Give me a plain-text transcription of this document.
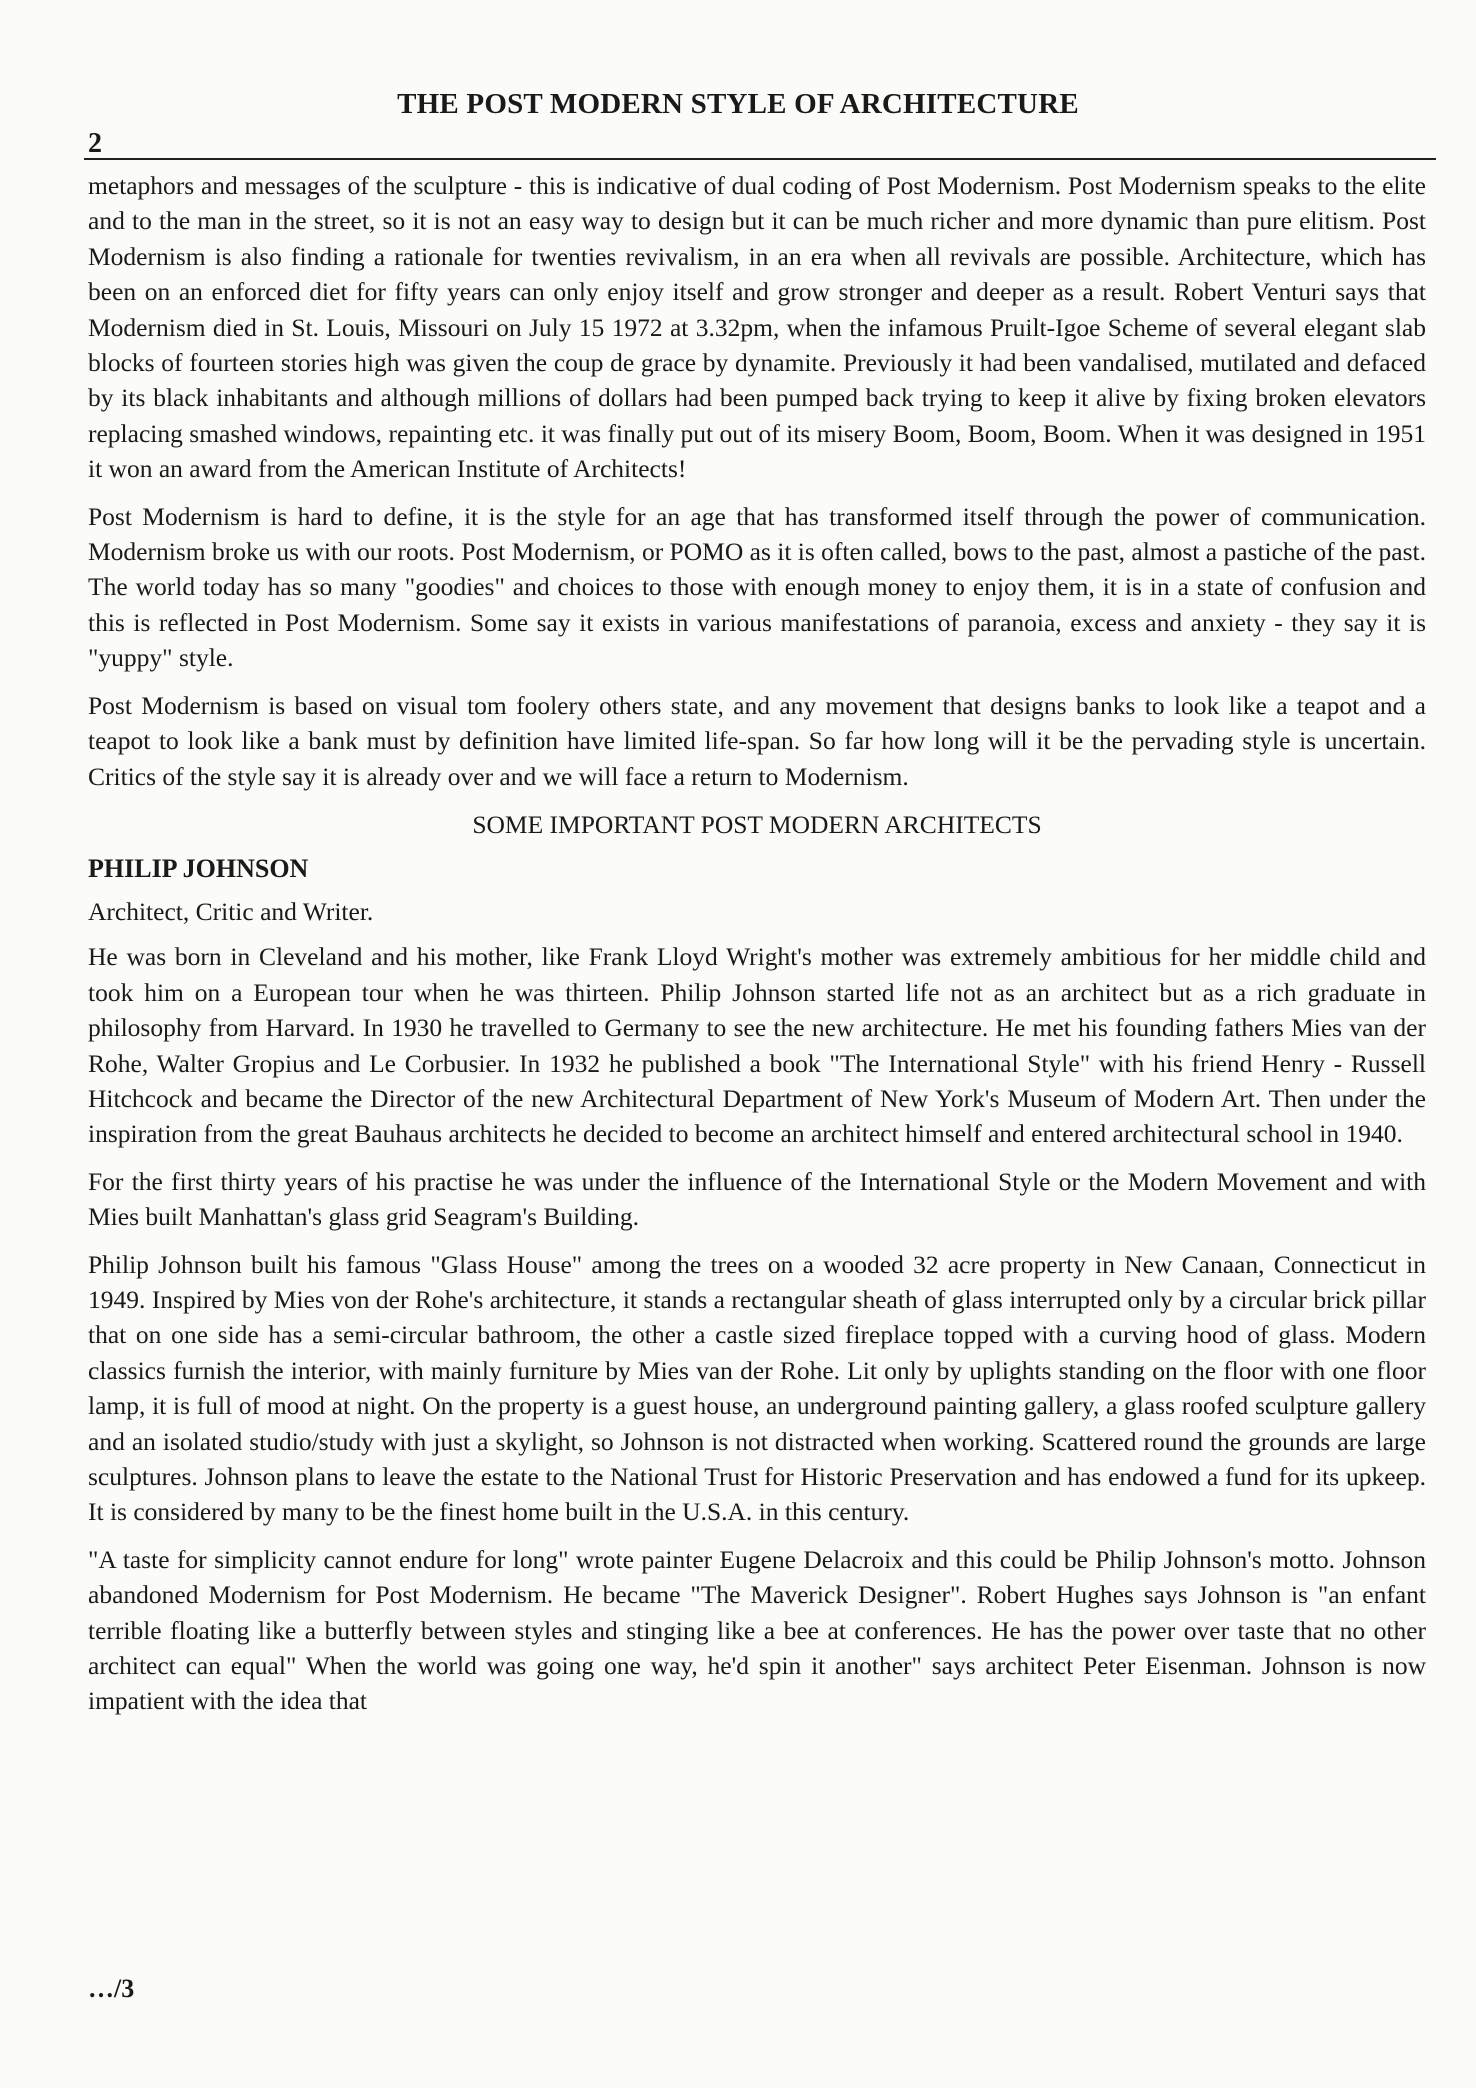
THE POST MODERN STYLE OF ARCHITECTURE
2

metaphors and messages of the sculpture - this is indicative of dual coding of Post Modernism. Post Modernism speaks to the elite and to the man in the street, so it is not an easy way to design but it can be much richer and more dynamic than pure elitism. Post Modernism is also finding a rationale for twenties revivalism, in an era when all revivals are possible. Architecture, which has been on an enforced diet for fifty years can only enjoy itself and grow stronger and deeper as a result. Robert Venturi says that Modernism died in St. Louis, Missouri on July 15 1972 at 3.32pm, when the infamous Pruilt-Igoe Scheme of several elegant slab blocks of fourteen stories high was given the coup de grace by dynamite. Previously it had been vandalised, mutilated and defaced by its black inhabitants and although millions of dollars had been pumped back trying to keep it alive by fixing broken elevators replacing smashed windows, repainting etc. it was finally put out of its misery Boom, Boom, Boom. When it was designed in 1951 it won an award from the American Institute of Architects!

Post Modernism is hard to define, it is the style for an age that has transformed itself through the power of communication. Modernism broke us with our roots. Post Modernism, or POMO as it is often called, bows to the past, almost a pastiche of the past. The world today has so many "goodies" and choices to those with enough money to enjoy them, it is in a state of confusion and this is reflected in Post Modernism. Some say it exists in various manifestations of paranoia, excess and anxiety - they say it is "yuppy" style.

Post Modernism is based on visual tom foolery others state, and any movement that designs banks to look like a teapot and a teapot to look like a bank must by definition have limited life-span. So far how long will it be the pervading style is uncertain. Critics of the style say it is already over and we will face a return to Modernism.

SOME IMPORTANT POST MODERN ARCHITECTS
PHILIP JOHNSON

Architect, Critic and Writer.

He was born in Cleveland and his mother, like Frank Lloyd Wright's mother was extremely ambitious for her middle child and took him on a European tour when he was thirteen. Philip Johnson started life not as an architect but as a rich graduate in philosophy from Harvard. In 1930 he travelled to Germany to see the new architecture. He met his founding fathers Mies van der Rohe, Walter Gropius and Le Corbusier. In 1932 he published a book "The International Style" with his friend Henry - Russell Hitchcock and became the Director of the new Architectural Department of New York's Museum of Modern Art. Then under the inspiration from the great Bauhaus architects he decided to become an architect himself and entered architectural school in 1940.

For the first thirty years of his practise he was under the influence of the International Style or the Modern Movement and with Mies built Manhattan's glass grid Seagram's Building.

Philip Johnson built his famous "Glass House" among the trees on a wooded 32 acre property in New Canaan, Connecticut in 1949. Inspired by Mies von der Rohe's architecture, it stands a rectangular sheath of glass interrupted only by a circular brick pillar that on one side has a semi-circular bathroom, the other a castle sized fireplace topped with a curving hood of glass. Modern classics furnish the interior, with mainly furniture by Mies van der Rohe. Lit only by uplights standing on the floor with one floor lamp, it is full of mood at night. On the property is a guest house, an underground painting gallery, a glass roofed sculpture gallery and an isolated studio/study with just a skylight, so Johnson is not distracted when working. Scattered round the grounds are large sculptures. Johnson plans to leave the estate to the National Trust for Historic Preservation and has endowed a fund for its upkeep. It is considered by many to be the finest home built in the U.S.A. in this century.

"A taste for simplicity cannot endure for long" wrote painter Eugene Delacroix and this could be Philip Johnson's motto. Johnson abandoned Modernism for Post Modernism. He became "The Maverick Designer". Robert Hughes says Johnson is "an enfant terrible floating like a butterfly between styles and stinging like a bee at conferences. He has the power over taste that no other architect can equal" When the world was going one way, he'd spin it another" says architect Peter Eisenman. Johnson is now impatient with the idea that

…/3
